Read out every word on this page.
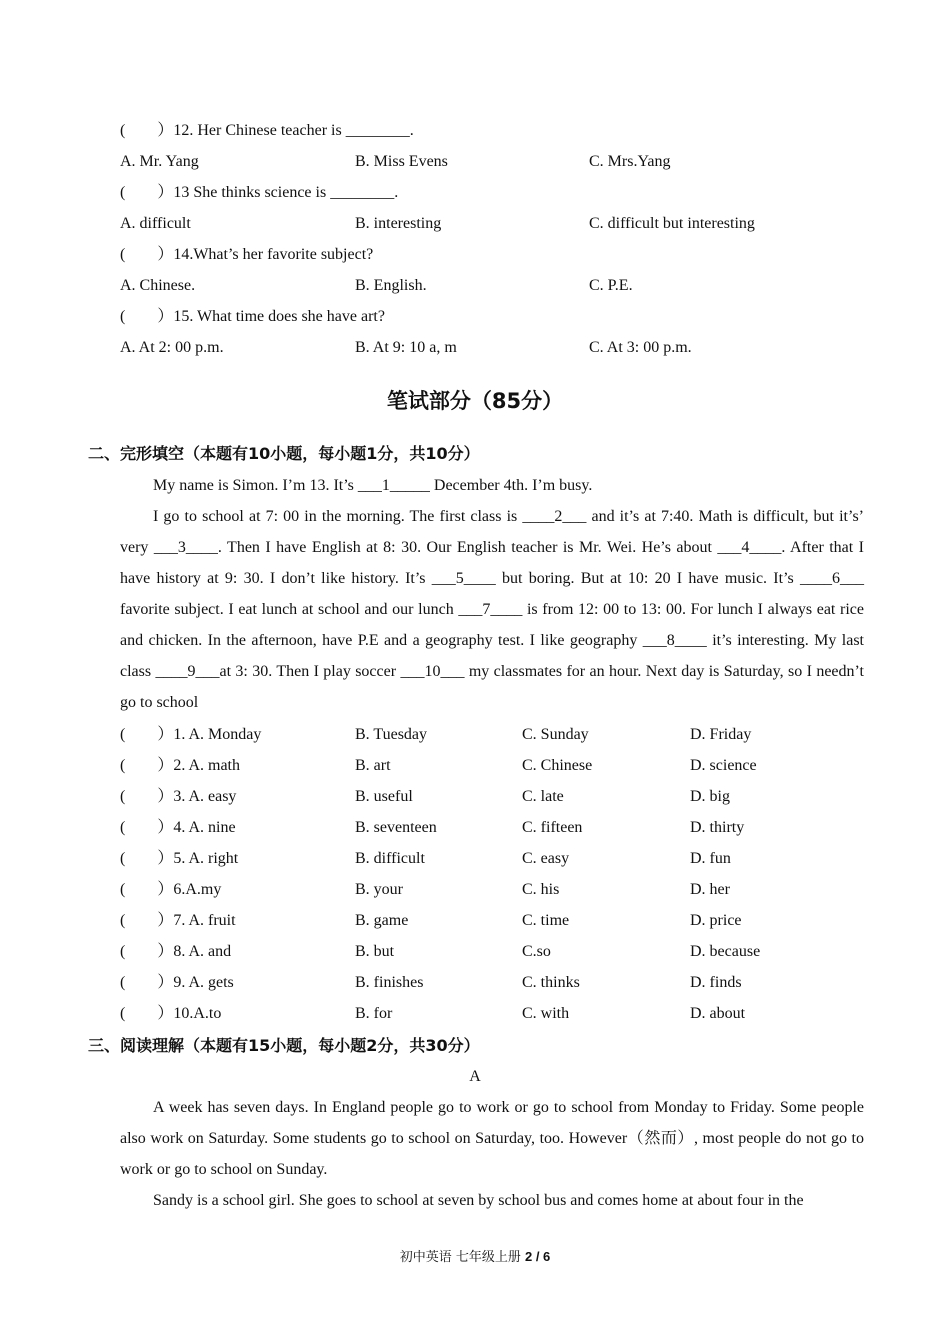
(　　）12. Her Chinese teacher is ________.
A. Mr. Yang	B. Miss Evens	C. Mrs.Yang
(　　）13 She thinks science is ________.
A. difficult	B. interesting	C. difficult but interesting
(　　）14.What’s her favorite subject?
A. Chinese.	B. English.	C. P.E.
(　　）15. What time does she have art?
A. At 2: 00 p.m.	B. At 9: 10 a, m	C. At 3: 00 p.m.
笔试部分（85分）
二、完形填空（本题有10小题，每小题1分，共10分）

My name is Simon. I’m 13. It’s ___1_____ December 4th. I’m busy.

I go to school at 7: 00 in the morning. The first class is ____2___ and it’s at 7:40. Math is difficult, but it’s’ very ___3____. Then I have English at 8: 30. Our English teacher is Mr. Wei. He’s about ___4____. After that I have history at 9: 30. I don’t like history. It’s ___5____ but boring. But at 10: 20 I have music. It’s ____6___ favorite subject. I eat lunch at school and our lunch ___7____ is from 12: 00 to 13: 00. For lunch I always eat rice and chicken. In the afternoon, have P.E and a geography test. I like geography ___8____ it’s interesting. My last class ____9___at 3: 30. Then I play soccer ___10___ my classmates for an hour. Next day is Saturday, so I needn’t go to school

(　　）1. A. Monday	B. Tuesday	C. Sunday	D. Friday
(　　）2. A. math	B. art	C. Chinese	D. science
(　　）3. A. easy	B. useful	C. late	D. big
(　　）4. A. nine	B. seventeen	C. fifteen	D. thirty
(　　）5. A. right	B. difficult	C. easy	D. fun
(　　）6.A.my	B. your	C. his	D. her
(　　）7. A. fruit	B. game	C. time	D. price
(　　）8. A. and	B. but	C.so	D. because
(　　）9. A. gets	B. finishes	C. thinks	D. finds
(　　）10.A.to	B. for	C. with	D. about
三、阅读理解（本题有15小题，每小题2分，共30分）
A

A week has seven days. In England people go to work or go to school from Monday to Friday. Some people also work on Saturday. Some students go to school on Saturday, too. However（然而）, most people do not go to work or go to school on Sunday.

Sandy is a school girl. She goes to school at seven by school bus and comes home at about four in the

初中英语 七年级上册 2 / 6
